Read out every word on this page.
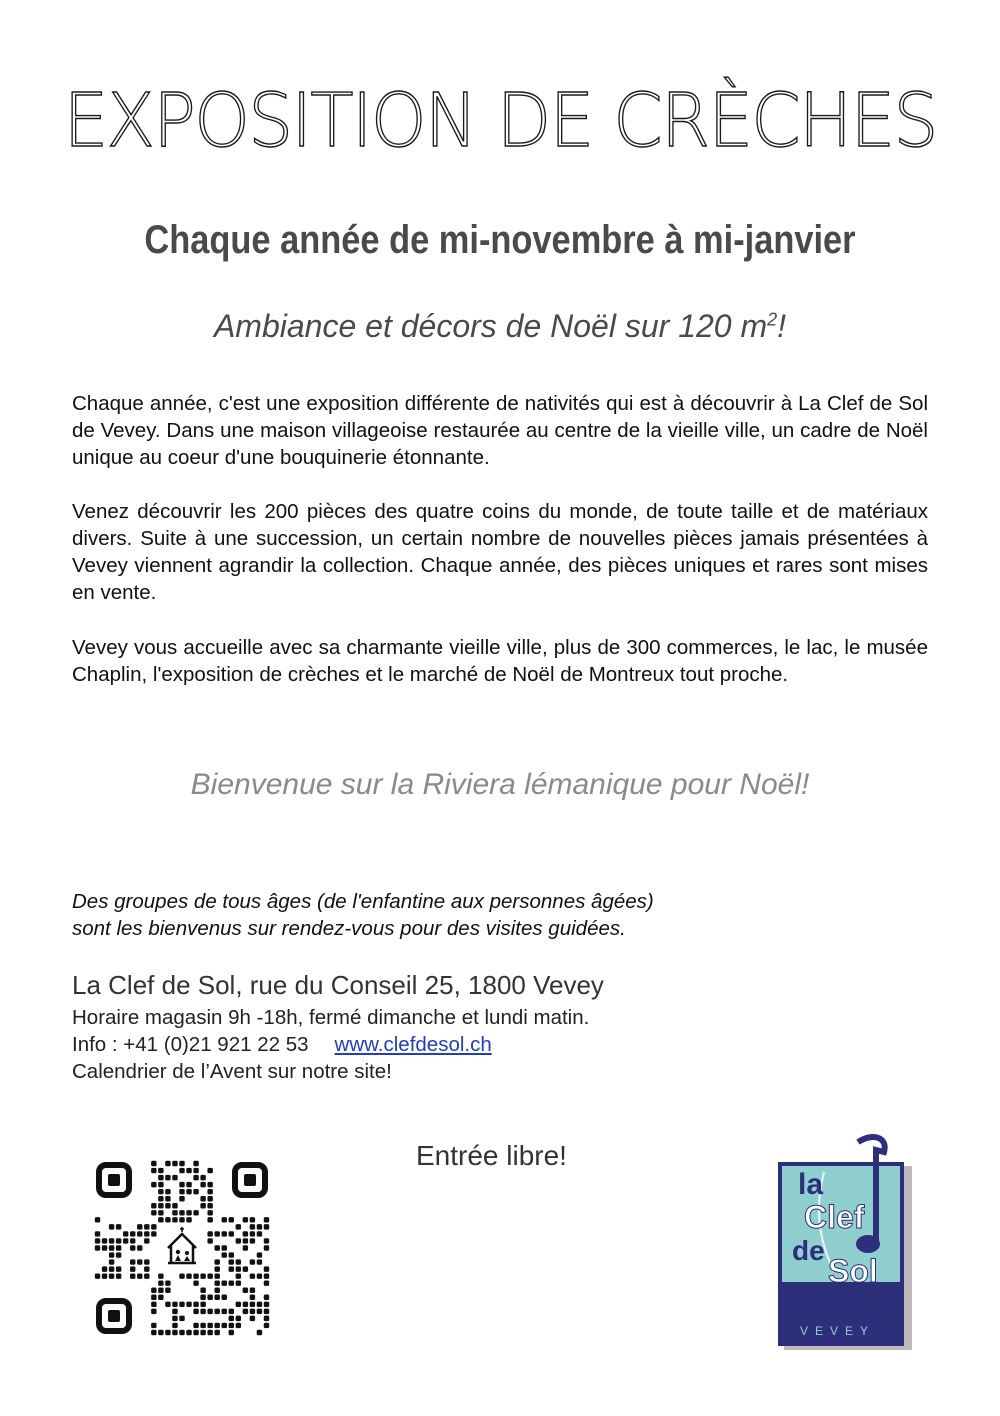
EXPOSITION DE CRÈCHES
Chaque année de mi-novembre à mi-janvier
Ambiance et décors de Noël sur 120 $m^2$!

Chaque année, c'est une exposition différente de nativités qui est à découvrir à La Clef de Sol de Vevey. Dans une maison villageoise restaurée au centre de la vieille ville, un cadre de Noël unique au coeur d'une bouquinerie étonnante.

Venez découvrir les 200 pièces des quatre coins du monde, de toute taille et de matériaux divers. Suite à une succession, un certain nombre de nouvelles pièces jamais présentées à Vevey viennent agrandir la collection. Chaque année, des pièces uniques et rares sont mises en vente.

Vevey vous accueille avec sa charmante vieille ville, plus de 300 commerces, le lac, le musée Chaplin, l'exposition de crèches et le marché de Noël de Montreux tout proche.

Bienvenue sur la Riviera lémanique pour Noël!
Des groupes de tous âges (de l'enfantine aux personnes âgées)
sont les bienvenus sur rendez-vous pour des visites guidées.
La Clef de Sol, rue du Conseil 25, 1800 Vevey
Horaire magasin 9h -18h, fermé dimanche et lundi matin.
Info : +41 (0)21 921 22 53 www.clefdesol.ch
Calendrier de l’Avent sur notre site!
Entrée libre!
la
Clef
de
Sol
VEVEY
